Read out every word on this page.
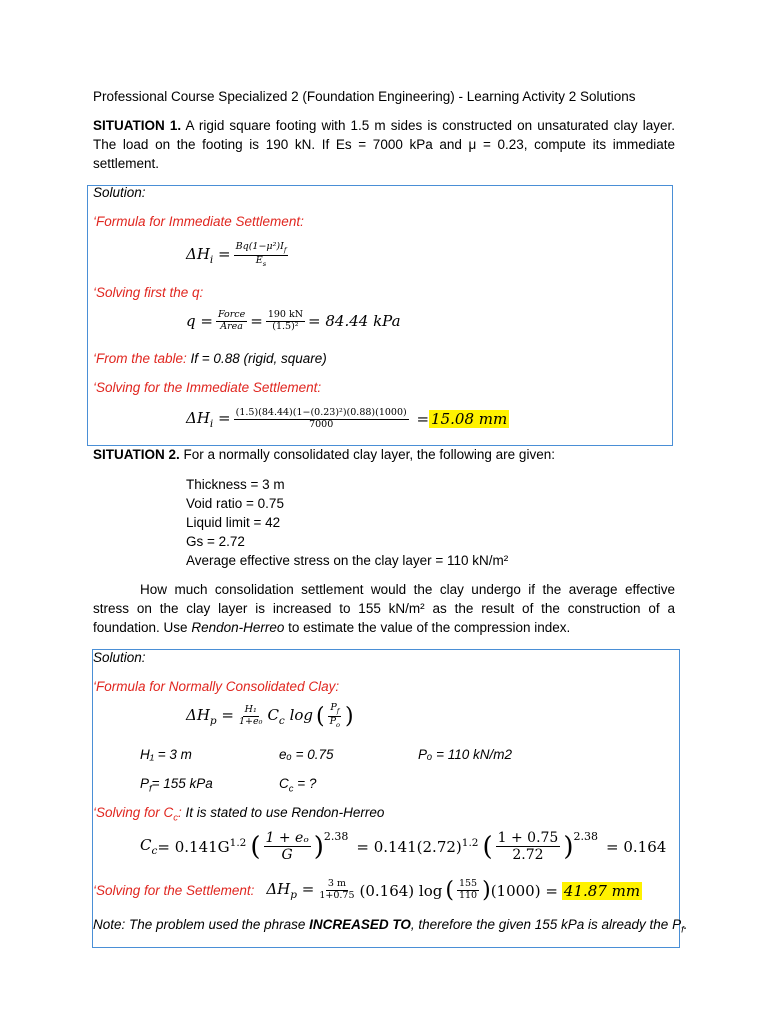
Professional Course Specialized 2 (Foundation Engineering) - Learning Activity 2 Solutions
SITUATION 1. A rigid square footing with 1.5 m sides is constructed on unsaturated clay layer.
The load on the footing is 190 kN. If Es = 7000 kPa and μ = 0.23, compute its immediate
settlement.
Solution:
‘Formula for Immediate Settlement:
$\Delta H_i = \frac{Bq(1-\mu^2)I_f}{E_s}$
‘Solving first the q:
$q = \frac{\text{Force}}{\text{Area}} = \frac{190 kN}{\text{(1.5)²}} = 84.44$ kPa
‘From the table: If = 0.88 (rigid, square)
‘Solving for the Immediate Settlement:
$\Delta H_i = \frac{\text{(1.5)(84.44)(1−(0.23)²)(0.88)(1000)}}{7000} = 15.08$ mm
SITUATION 2. For a normally consolidated clay layer, the following are given:
Thickness = 3 m
Void ratio = 0.75
Liquid limit = 42
Gs = 2.72
Average effective stress on the clay layer = 110 kN/m²
How much consolidation settlement would the clay undergo if the average effective
stress on the clay layer is increased to 155 kN/m² as the result of the construction of a
foundation. Use Rendon-Herreo to estimate the value of the compression index.
Solution:
‘Formula for Normally Consolidated Clay:
$\Delta H_p = \frac{\text{H₁}}{\text{1+e₀}} C_c$ log ( $\frac{P_f}{P_o}$ )
H₁ = 3 m	eₒ = 0.75	Pₒ = 110 kN/m2
$P_f= 155$ kPa	$C_c$ = ?
‘Solving for $C_c$: It is stated to use Rendon-Herreo
$C_c = 0.141G^{1.2}$ ( $\frac{\text{1 + eₒ}}{G} )^{2.38}$
= $0.141(2.72)^{1.2}$ ( $\frac{1 + 0.75}{2.72} )^{2.38}$
= 0.164
‘Solving for the Settlement: $\Delta H_p = \frac{3 m}{1+0.75} (0.164)$ log ( $\frac{155}{110}$ ) (1000) = 41.87 mm
Note: The problem used the phrase INCREASED TO, therefore the given 155 kPa is already the $P_f$.
